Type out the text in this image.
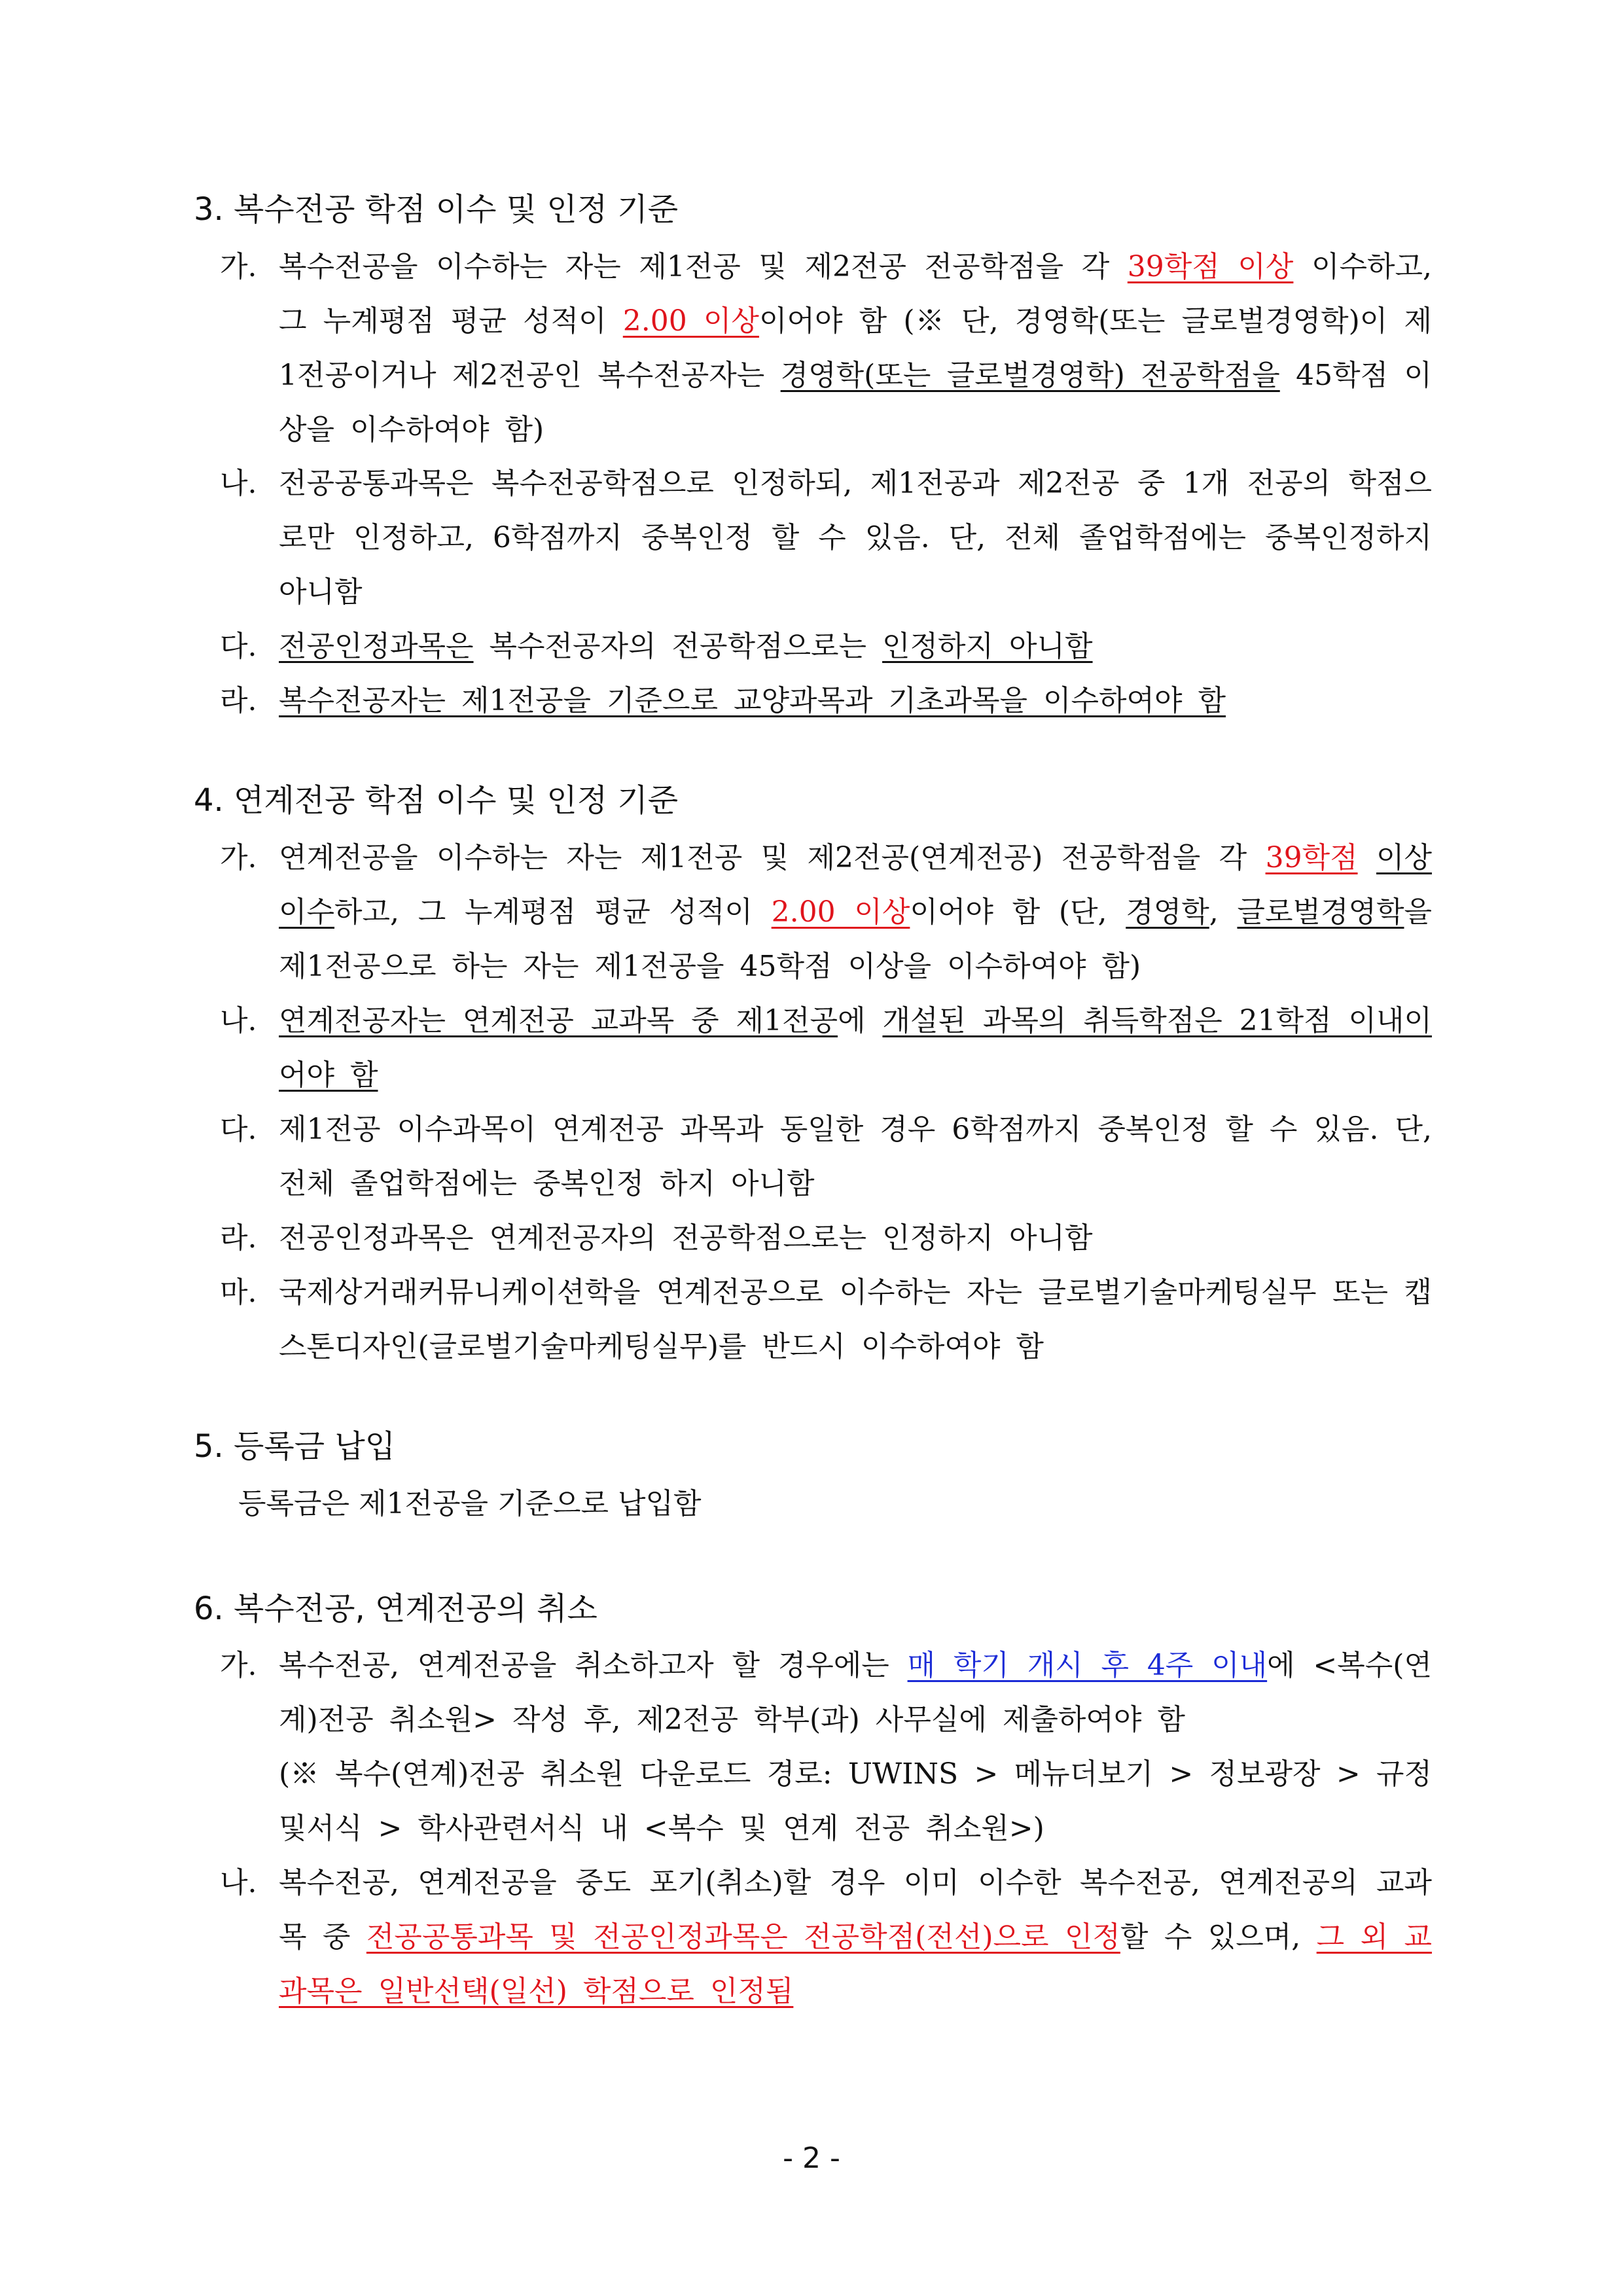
3. 복수전공 학점 이수 및 인정 기준
가. 복수전공을 이수하는 자는 제1전공 및 제2전공 전공학점을 각 39학점 이상 이수하고, 그 누계평점 평균 성적이 2.00 이상이어야 함 (※ 단, 경영학(또는 글로벌경영학)이 제1전공이거나 제2전공인 복수전공자는 경영학(또는 글로벌경영학) 전공학점을 45학점 이상을 이수하여야 함)
나. 전공공통과목은 복수전공학점으로 인정하되, 제1전공과 제2전공 중 1개 전공의 학점으로만 인정하고, 6학점까지 중복인정 할 수 있음. 단, 전체 졸업학점에는 중복인정하지 아니함
다. 전공인정과목은 복수전공자의 전공학점으로는 인정하지 아니함
라. 복수전공자는 제1전공을 기준으로 교양과목과 기초과목을 이수하여야 함
4. 연계전공 학점 이수 및 인정 기준
가. 연계전공을 이수하는 자는 제1전공 및 제2전공(연계전공) 전공학점을 각 39학점 이상 이수하고, 그 누계평점 평균 성적이 2.00 이상이어야 함 (단, 경영학, 글로벌경영학을 제1전공으로 하는 자는 제1전공을 45학점 이상을 이수하여야 함)
나. 연계전공자는 연계전공 교과목 중 제1전공에 개설된 과목의 취득학점은 21학점 이내이어야 함
다. 제1전공 이수과목이 연계전공 과목과 동일한 경우 6학점까지 중복인정 할 수 있음. 단, 전체 졸업학점에는 중복인정 하지 아니함
라. 전공인정과목은 연계전공자의 전공학점으로는 인정하지 아니함
마. 국제상거래커뮤니케이션학을 연계전공으로 이수하는 자는 글로벌기술마케팅실무 또는 캡스톤디자인(글로벌기술마케팅실무)를 반드시 이수하여야 함
5. 등록금 납입
등록금은 제1전공을 기준으로 납입함
6. 복수전공, 연계전공의 취소
가. 복수전공, 연계전공을 취소하고자 할 경우에는 매 학기 개시 후 4주 이내에 <복수(연계)전공 취소원> 작성 후, 제2전공 학부(과) 사무실에 제출하여야 함
(※ 복수(연계)전공 취소원 다운로드 경로: UWINS > 메뉴더보기 > 정보광장 > 규정및서식 > 학사관련서식 내 <복수 및 연계 전공 취소원>)
나. 복수전공, 연계전공을 중도 포기(취소)할 경우 이미 이수한 복수전공, 연계전공의 교과목 중 전공공통과목 및 전공인정과목은 전공학점(전선)으로 인정할 수 있으며, 그 외 교과목은 일반선택(일선) 학점으로 인정됨
- 2 -
